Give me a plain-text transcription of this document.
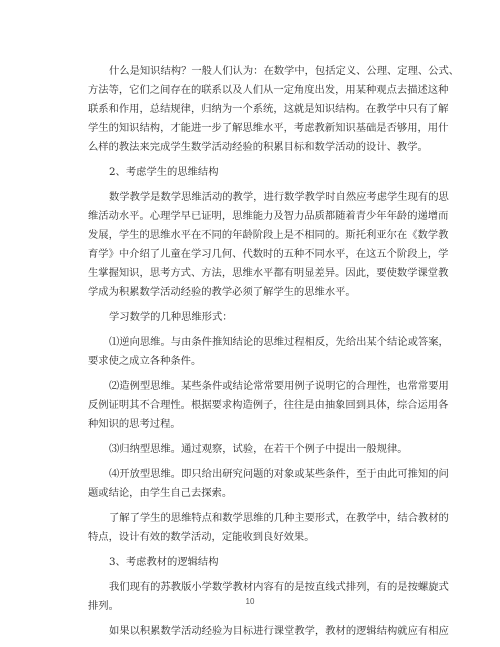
什么是知识结构？一般人们认为：在数学中，包括定义、公理、定理、公式、
方法等，它们之间存在的联系以及人们从一定角度出发，用某种观点去描述这种
联系和作用，总结规律，归纳为一个系统，这就是知识结构。在教学中只有了解
学生的知识结构，才能进一步了解思维水平，考虑教新知识基础是否够用，用什
么样的教法来完成学生数学活动经验的积累目标和数学活动的设计、教学。
2、考虑学生的思维结构
数学教学是数学思维活动的教学，进行数学教学时自然应考虑学生现有的思
维活动水平。心理学早已证明，思维能力及智力品质都随着青少年年龄的递增而
发展，学生的思维水平在不同的年龄阶段上是不相同的。斯托利亚尔在《数学教
育学》中介绍了儿童在学习几何、代数时的五种不同水平，在这五个阶段上，学
生掌握知识，思考方式、方法，思维水平都有明显差异。因此，要使数学课堂教
学成为积累数学活动经验的教学必须了解学生的思维水平。
学习数学的几种思维形式：
⑴逆向思维。与由条件推知结论的思维过程相反，先给出某个结论或答案，
要求使之成立各种条件。
⑵造例型思维。某些条件或结论常常要用例子说明它的合理性，也常常要用
反例证明其不合理性。根据要求构造例子，往往是由抽象回到具体，综合运用各
种知识的思考过程。
⑶归纳型思维。通过观察，试验，在若干个例子中提出一般规律。
⑷开放型思维。即只给出研究问题的对象或某些条件，至于由此可推知的问
题或结论，由学生自己去探索。
了解了学生的思维特点和数学思维的几种主要形式，在教学中，结合教材的
特点，设计有效的数学活动，定能收到良好效果。
3、考虑教材的逻辑结构
我们现有的苏教版小学数学教材内容有的是按直线式排列，有的是按螺旋式
排列。
如果以积累数学活动经验为目标进行课堂教学，教材的逻辑结构就应有相应
10
